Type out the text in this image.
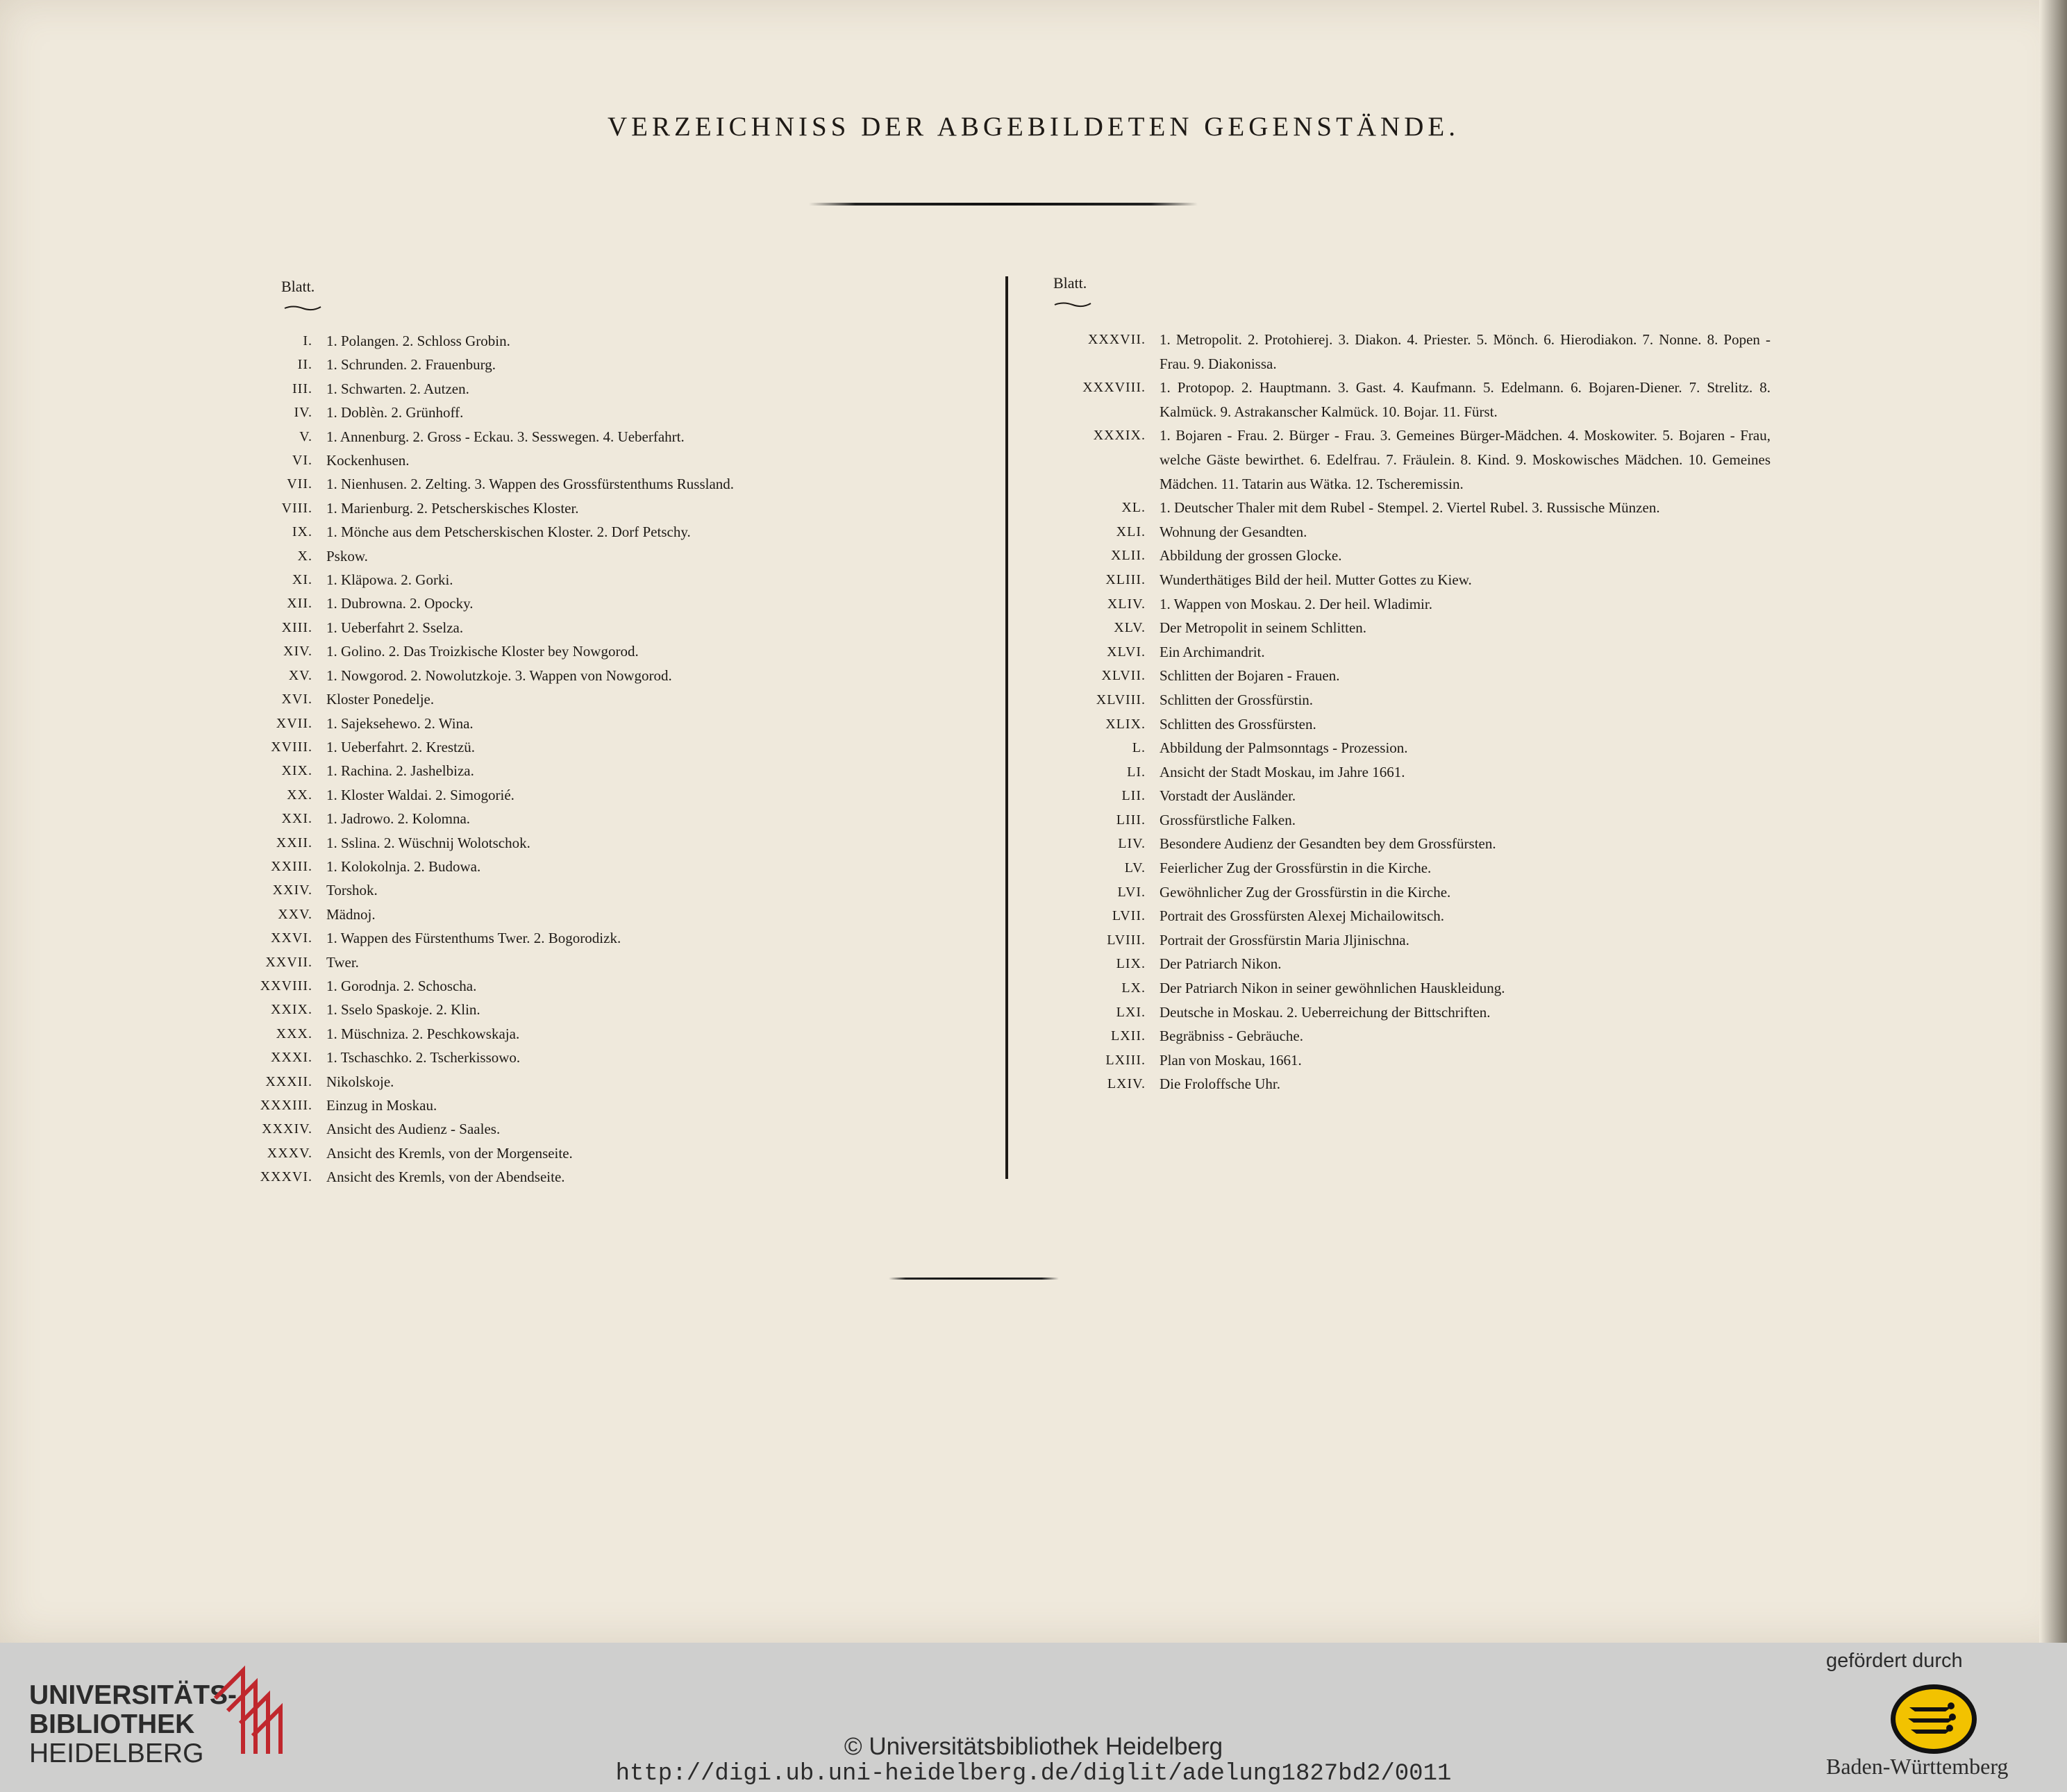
VERZEICHNISS DER ABGEBILDETEN GEGENSTÄNDE.
Blatt.	Blatt.
I. 1. Polangen. 2. Schloss Grobin.
II. 1. Schrunden. 2. Frauenburg.
III. 1. Schwarten. 2. Autzen.
IV. 1. Doblèn. 2. Grünhoff.
V. 1. Annenburg. 2. Gross - Eckau. 3. Sesswegen. 4. Ueberfahrt.
VI. Kockenhusen.
VII. 1. Nienhusen. 2. Zelting. 3. Wappen des Grossfürstenthums Russland.
VIII. 1. Marienburg. 2. Petscherskisches Kloster.
IX. 1. Mönche aus dem Petscherskischen Kloster. 2. Dorf Petschy.
X. Pskow.
XI. 1. Kläpowa. 2. Gorki.
XII. 1. Dubrowna. 2. Opocky.
XIII. 1. Ueberfahrt 2. Sselza.
XIV. 1. Golino. 2. Das Troizkische Kloster bey Nowgorod.
XV. 1. Nowgorod. 2. Nowolutzkoje. 3. Wappen von Nowgorod.
XVI. Kloster Ponedelje.
XVII. 1. Sajeksehewo. 2. Wina.
XVIII. 1. Ueberfahrt. 2. Krestzü.
XIX. 1. Rachina. 2. Jashelbiza.
XX. 1. Kloster Waldai. 2. Simogorié.
XXI. 1. Jadrowo. 2. Kolomna.
XXII. 1. Sslina. 2. Wüschnij Wolotschok.
XXIII. 1. Kolokolnja. 2. Budowa.
XXIV. Torshok.
XXV. Mädnoj.
XXVI. 1. Wappen des Fürstenthums Twer. 2. Bogorodizk.
XXVII. Twer.
XXVIII. 1. Gorodnja. 2. Schoscha.
XXIX. 1. Sselo Spaskoje. 2. Klin.
XXX. 1. Müschniza. 2. Peschkowskaja.
XXXI. 1. Tschaschko. 2. Tscherkissowo.
XXXII. Nikolskoje.
XXXIII. Einzug in Moskau.
XXXIV. Ansicht des Audienz - Saales.
XXXV. Ansicht des Kremls, von der Morgenseite.
XXXVI. Ansicht des Kremls, von der Abendseite.
XXXVII. 1. Metropolit. 2. Protohierej. 3. Diakon. 4. Priester. 5. Mönch. 6. Hierodiakon. 7. Nonne. 8. Popen - Frau. 9. Diakonissa.
XXXVIII. 1. Protopop. 2. Hauptmann. 3. Gast. 4. Kaufmann. 5. Edelmann. 6. Bojaren-Diener. 7. Strelitz. 8. Kalmück. 9. Astrakanscher Kalmück. 10. Bojar. 11. Fürst.
XXXIX. 1. Bojaren - Frau. 2. Bürger - Frau. 3. Gemeines Bürger-Mädchen. 4. Moskowiter. 5. Bojaren - Frau, welche Gäste bewirthet. 6. Edelfrau. 7. Fräulein. 8. Kind. 9. Moskowisches Mädchen. 10. Gemeines Mädchen. 11. Tatarin aus Wätka. 12. Tscheremissin.
XL. 1. Deutscher Thaler mit dem Rubel - Stempel. 2. Viertel Rubel. 3. Russische Münzen.
XLI. Wohnung der Gesandten.
XLII. Abbildung der grossen Glocke.
XLIII. Wunderthätiges Bild der heil. Mutter Gottes zu Kiew.
XLIV. 1. Wappen von Moskau. 2. Der heil. Wladimir.
XLV. Der Metropolit in seinem Schlitten.
XLVI. Ein Archimandrit.
XLVII. Schlitten der Bojaren - Frauen.
XLVIII. Schlitten der Grossfürstin.
XLIX. Schlitten des Grossfürsten.
L. Abbildung der Palmsonntags - Prozession.
LI. Ansicht der Stadt Moskau, im Jahre 1661.
LII. Vorstadt der Ausländer.
LIII. Grossfürstliche Falken.
LIV. Besondere Audienz der Gesandten bey dem Grossfürsten.
LV. Feierlicher Zug der Grossfürstin in die Kirche.
LVI. Gewöhnlicher Zug der Grossfürstin in die Kirche.
LVII. Portrait des Grossfürsten Alexej Michailowitsch.
LVIII. Portrait der Grossfürstin Maria Jljinischna.
LIX. Der Patriarch Nikon.
LX. Der Patriarch Nikon in seiner gewöhnlichen Hauskleidung.
LXI. Deutsche in Moskau. 2. Ueberreichung der Bittschriften.
LXII. Begräbniss - Gebräuche.
LXIII. Plan von Moskau, 1661.
LXIV. Die Froloffsche Uhr.
UNIVERSITÄTS-
BIBLIOTHEK
HEIDELBERG	© Universitätsbibliothek Heidelberg
http://digi.ub.uni-heidelberg.de/diglit/adelung1827bd2/0011
gefördert durch
Baden-Württemberg
